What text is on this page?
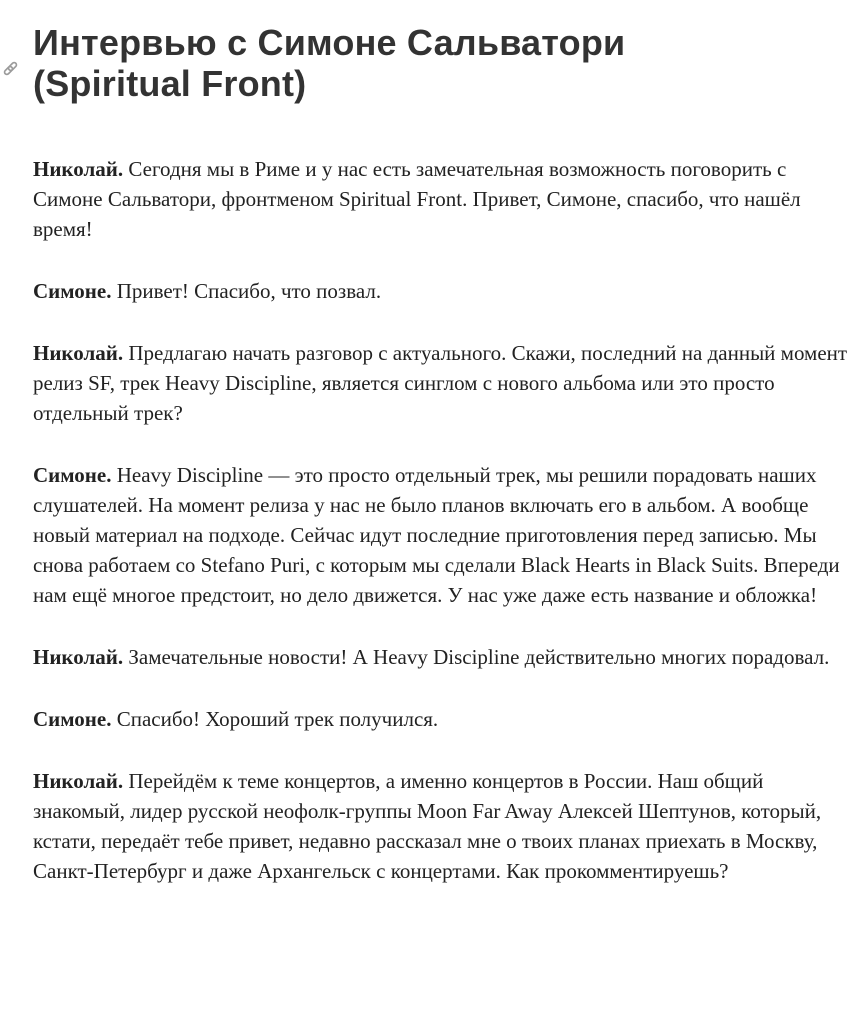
Интервью с Симоне Сальватори
(Spiritual Front)

Николай. Сегодня мы в Риме и у нас есть замечательная возможность поговорить с Симоне Сальватори, фронтменом Spiritual Front. Привет, Симоне, спасибо, что нашёл время!

Симоне. Привет! Спасибо, что позвал.

Николай. Предлагаю начать разговор с актуального. Скажи, последний на данный момент релиз SF, трек Heavy Discipline, является синглом с нового альбома или это просто отдельный трек?

Симоне. Heavy Discipline — это просто отдельный трек, мы решили порадовать наших слушателей. На момент релиза у нас не было планов включать его в альбом. А вообще новый материал на подходе. Сейчас идут последние приготовления перед записью. Мы снова работаем со Stefano Puri, с которым мы сделали Black Hearts in Black Suits. Впереди нам ещё многое предстоит, но дело движется. У нас уже даже есть название и обложка!

Николай. Замечательные новости! А Heavy Discipline действительно многих порадовал.

Симоне. Спасибо! Хороший трек получился.

Николай. Перейдём к теме концертов, а именно концертов в России. Наш общий знакомый, лидер русской неофолк-группы Moon Far Away Алексей Шептунов, который, кстати, передаёт тебе привет, недавно рассказал мне о твоих планах приехать в Москву, Санкт-Петербург и даже Архангельск с концертами. Как прокомментируешь?
